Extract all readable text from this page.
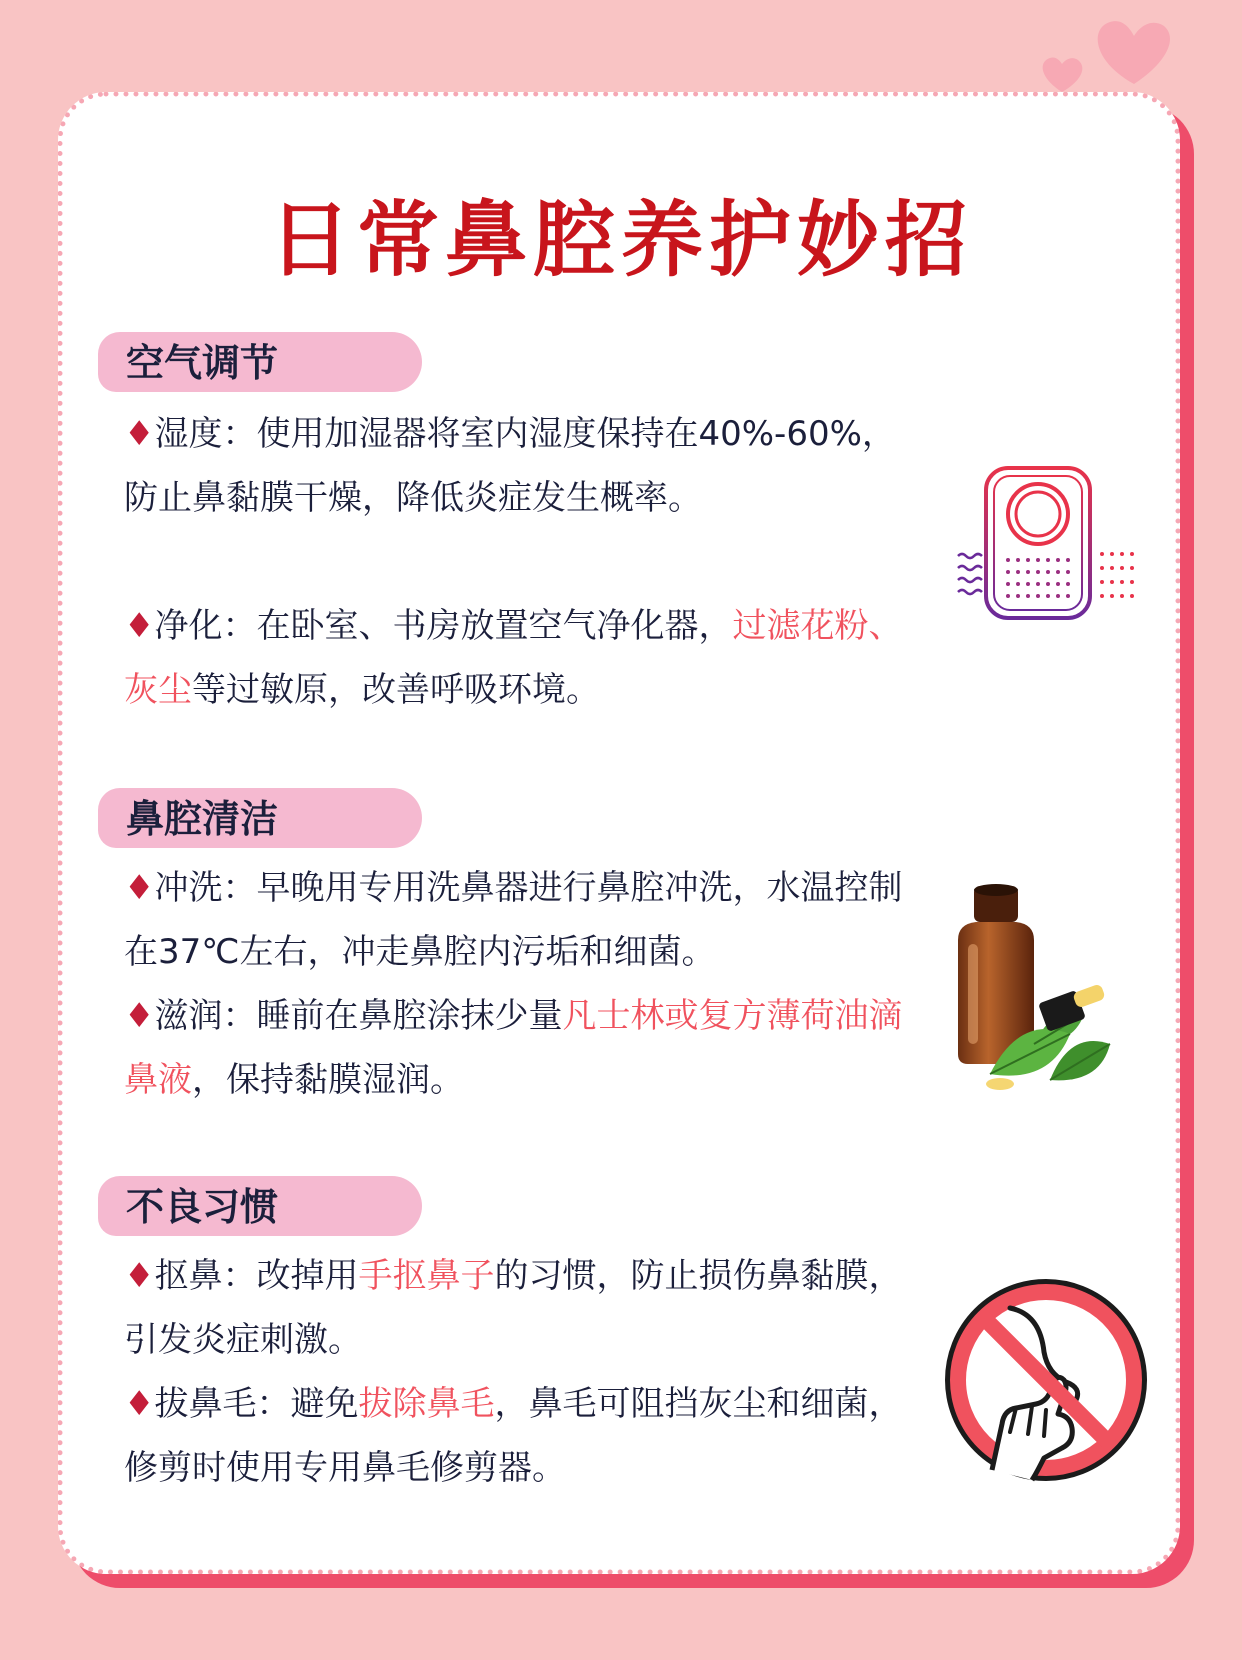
日常鼻腔养护妙招
空气调节

♦湿度：使用加湿器将室内湿度保持在40%-60%，防止鼻黏膜干燥，降低炎症发生概率。

♦净化：在卧室、书房放置空气净化器，过滤花粉、灰尘等过敏原，改善呼吸环境。

鼻腔清洁

♦冲洗：早晚用专用洗鼻器进行鼻腔冲洗，水温控制在37℃左右，冲走鼻腔内污垢和细菌。

♦滋润：睡前在鼻腔涂抹少量凡士林或复方薄荷油滴鼻液，保持黏膜湿润。

不良习惯

♦抠鼻：改掉用手抠鼻子的习惯，防止损伤鼻黏膜，引发炎症刺激。

♦拔鼻毛：避免拔除鼻毛，鼻毛可阻挡灰尘和细菌，修剪时使用专用鼻毛修剪器。
